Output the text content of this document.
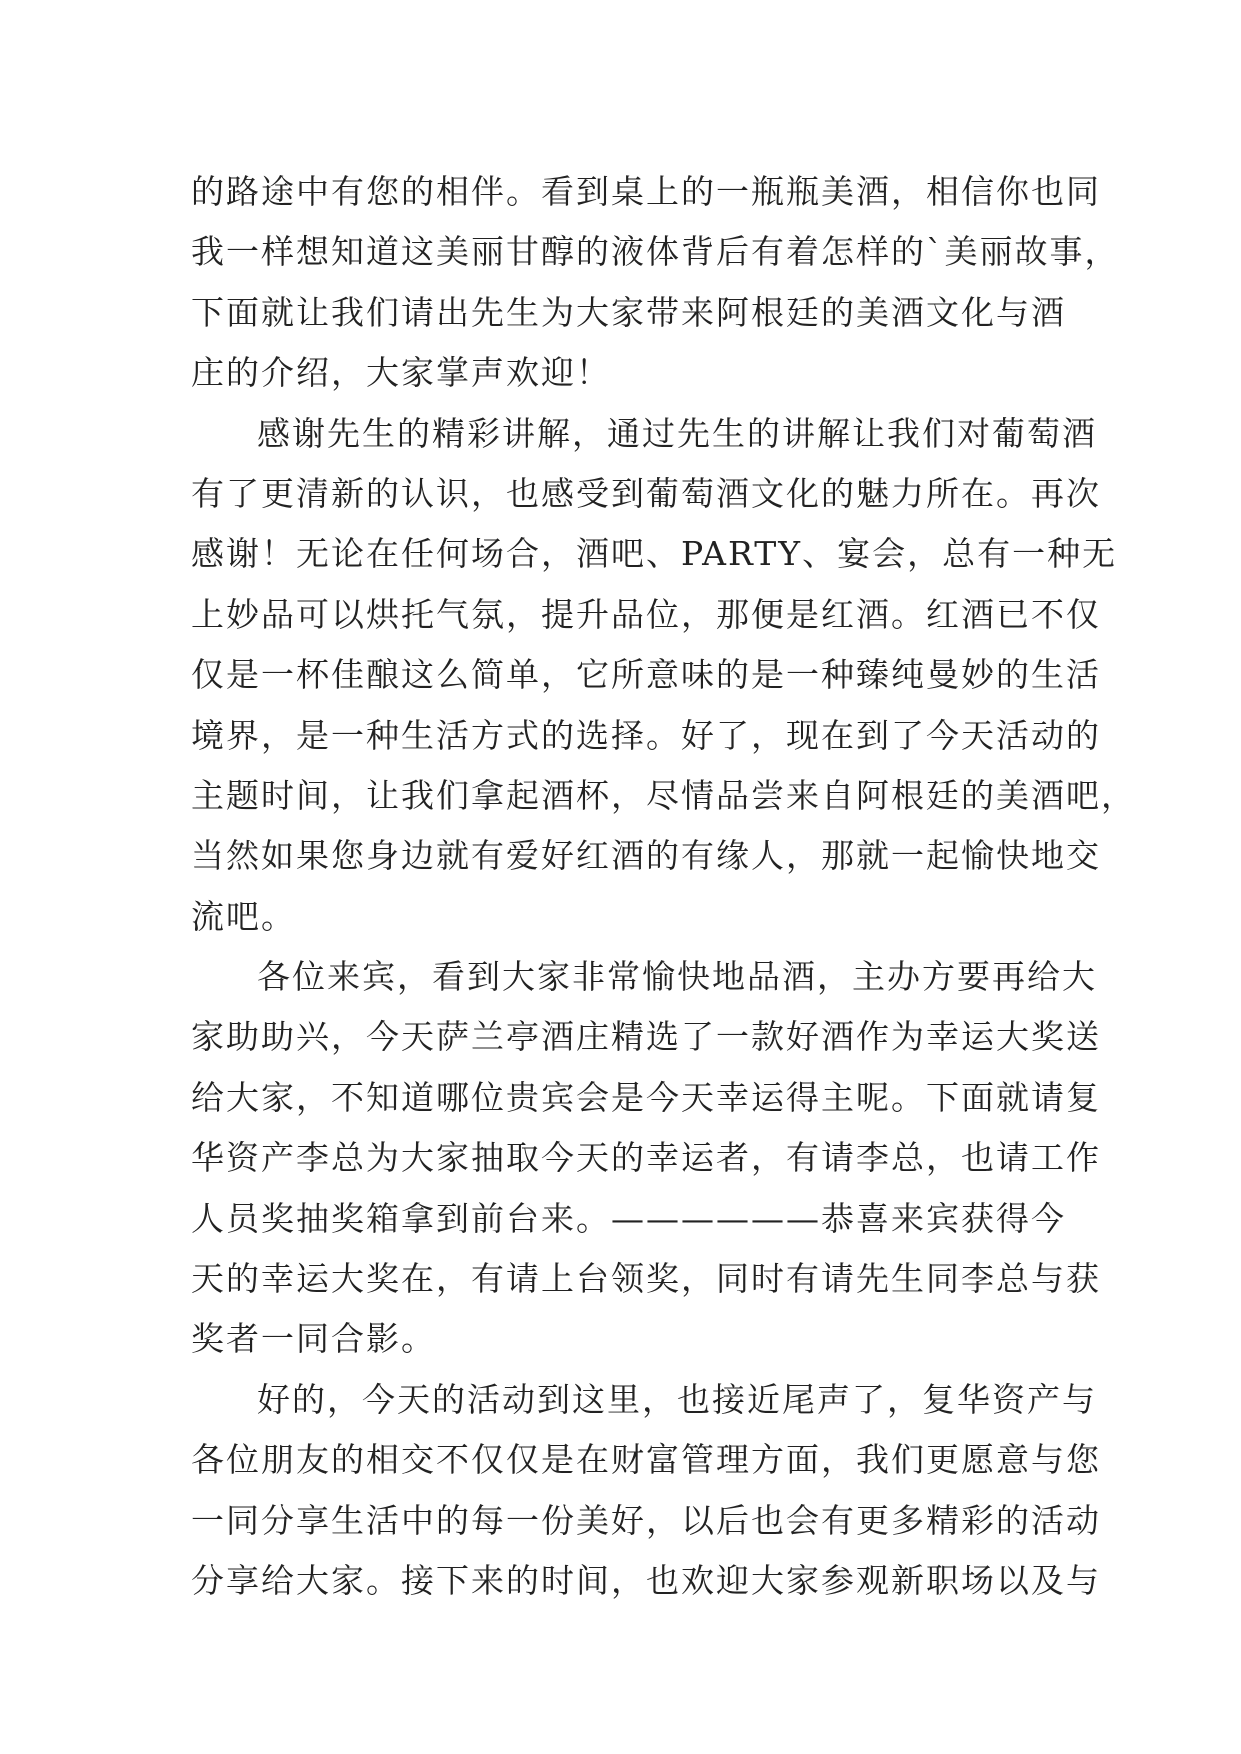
的路途中有您的相伴。看到桌上的一瓶瓶美酒，相信你也同
我一样想知道这美丽甘醇的液体背后有着怎样的`美丽故事，
下面就让我们请出先生为大家带来阿根廷的美酒文化与酒
庄的介绍，大家掌声欢迎！
感谢先生的精彩讲解，通过先生的讲解让我们对葡萄酒
有了更清新的认识，也感受到葡萄酒文化的魅力所在。再次
感谢！无论在任何场合，酒吧、PARTY、宴会，总有一种无
上妙品可以烘托气氛，提升品位，那便是红酒。红酒已不仅
仅是一杯佳酿这么简单，它所意味的是一种臻纯曼妙的生活
境界，是一种生活方式的选择。好了，现在到了今天活动的
主题时间，让我们拿起酒杯，尽情品尝来自阿根廷的美酒吧，
当然如果您身边就有爱好红酒的有缘人，那就一起愉快地交
流吧。
各位来宾，看到大家非常愉快地品酒，主办方要再给大
家助助兴，今天萨兰亭酒庄精选了一款好酒作为幸运大奖送
给大家，不知道哪位贵宾会是今天幸运得主呢。下面就请复
华资产李总为大家抽取今天的幸运者，有请李总，也请工作
人员奖抽奖箱拿到前台来。——————恭喜来宾获得今
天的幸运大奖在，有请上台领奖，同时有请先生同李总与获
奖者一同合影。
好的，今天的活动到这里，也接近尾声了，复华资产与
各位朋友的相交不仅仅是在财富管理方面，我们更愿意与您
一同分享生活中的每一份美好，以后也会有更多精彩的活动
分享给大家。接下来的时间，也欢迎大家参观新职场以及与
